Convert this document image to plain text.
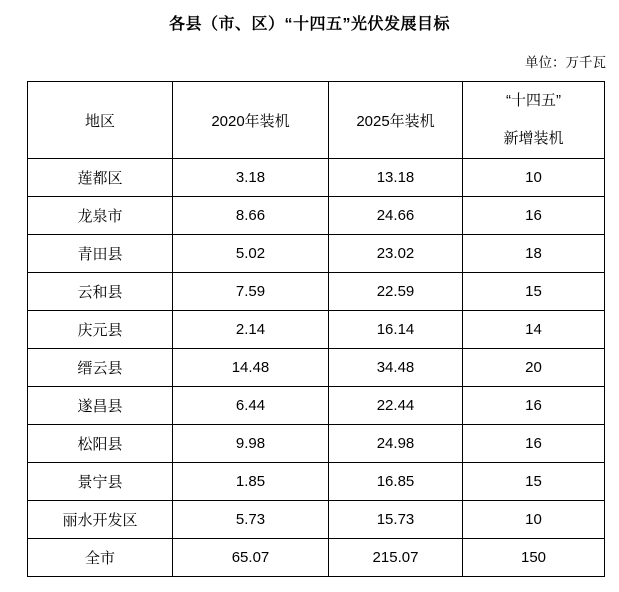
各县（市、区）“十四五”光伏发展目标
单位：万千瓦
地区	2020年装机	2025年装机	“十四五”
新增装机

莲都区	3.18	13.18	10
龙泉市	8.66	24.66	16
青田县	5.02	23.02	18
云和县	7.59	22.59	15
庆元县	2.14	16.14	14
缙云县	14.48	34.48	20
遂昌县	6.44	22.44	16
松阳县	9.98	24.98	16
景宁县	1.85	16.85	15
丽水开发区	5.73	15.73	10
全市	65.07	215.07	150
